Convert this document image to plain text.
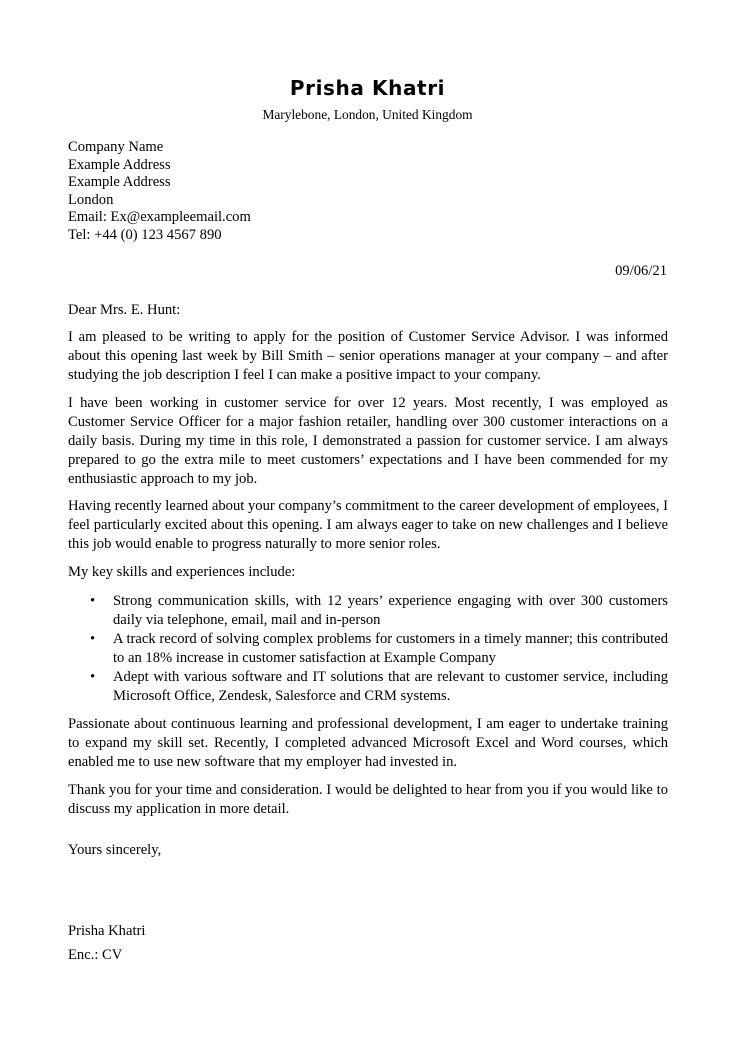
Prisha Khatri
Marylebone, London, United Kingdom
Company Name
Example Address
Example Address
London
Email: Ex@exampleemail.com
Tel: +44 (0) 123 4567 890
09/06/21
Dear Mrs. E. Hunt:

I am pleased to be writing to apply for the position of Customer Service Advisor. I was informed about this opening last week by Bill Smith – senior operations manager at your company – and after studying the job description I feel I can make a positive impact to your company.

I have been working in customer service for over 12 years. Most recently, I was employed as Customer Service Officer for a major fashion retailer, handling over 300 customer interactions on a daily basis. During my time in this role, I demonstrated a passion for customer service. I am always prepared to go the extra mile to meet customers’ expectations and I have been commended for my enthusiastic approach to my job.

Having recently learned about your company’s commitment to the career development of employees, I feel particularly excited about this opening. I am always eager to take on new challenges and I believe this job would enable to progress naturally to more senior roles.

My key skills and experiences include:

• Strong communication skills, with 12 years’ experience engaging with over 300 customers daily via telephone, email, mail and in-person
• A track record of solving complex problems for customers in a timely manner; this contributed to an 18% increase in customer satisfaction at Example Company
• Adept with various software and IT solutions that are relevant to customer service, including Microsoft Office, Zendesk, Salesforce and CRM systems.

Passionate about continuous learning and professional development, I am eager to undertake training to expand my skill set. Recently, I completed advanced Microsoft Excel and Word courses, which enabled me to use new software that my employer had invested in.

Thank you for your time and consideration. I would be delighted to hear from you if you would like to discuss my application in more detail.

Yours sincerely,
Prisha Khatri
Enc.: CV
